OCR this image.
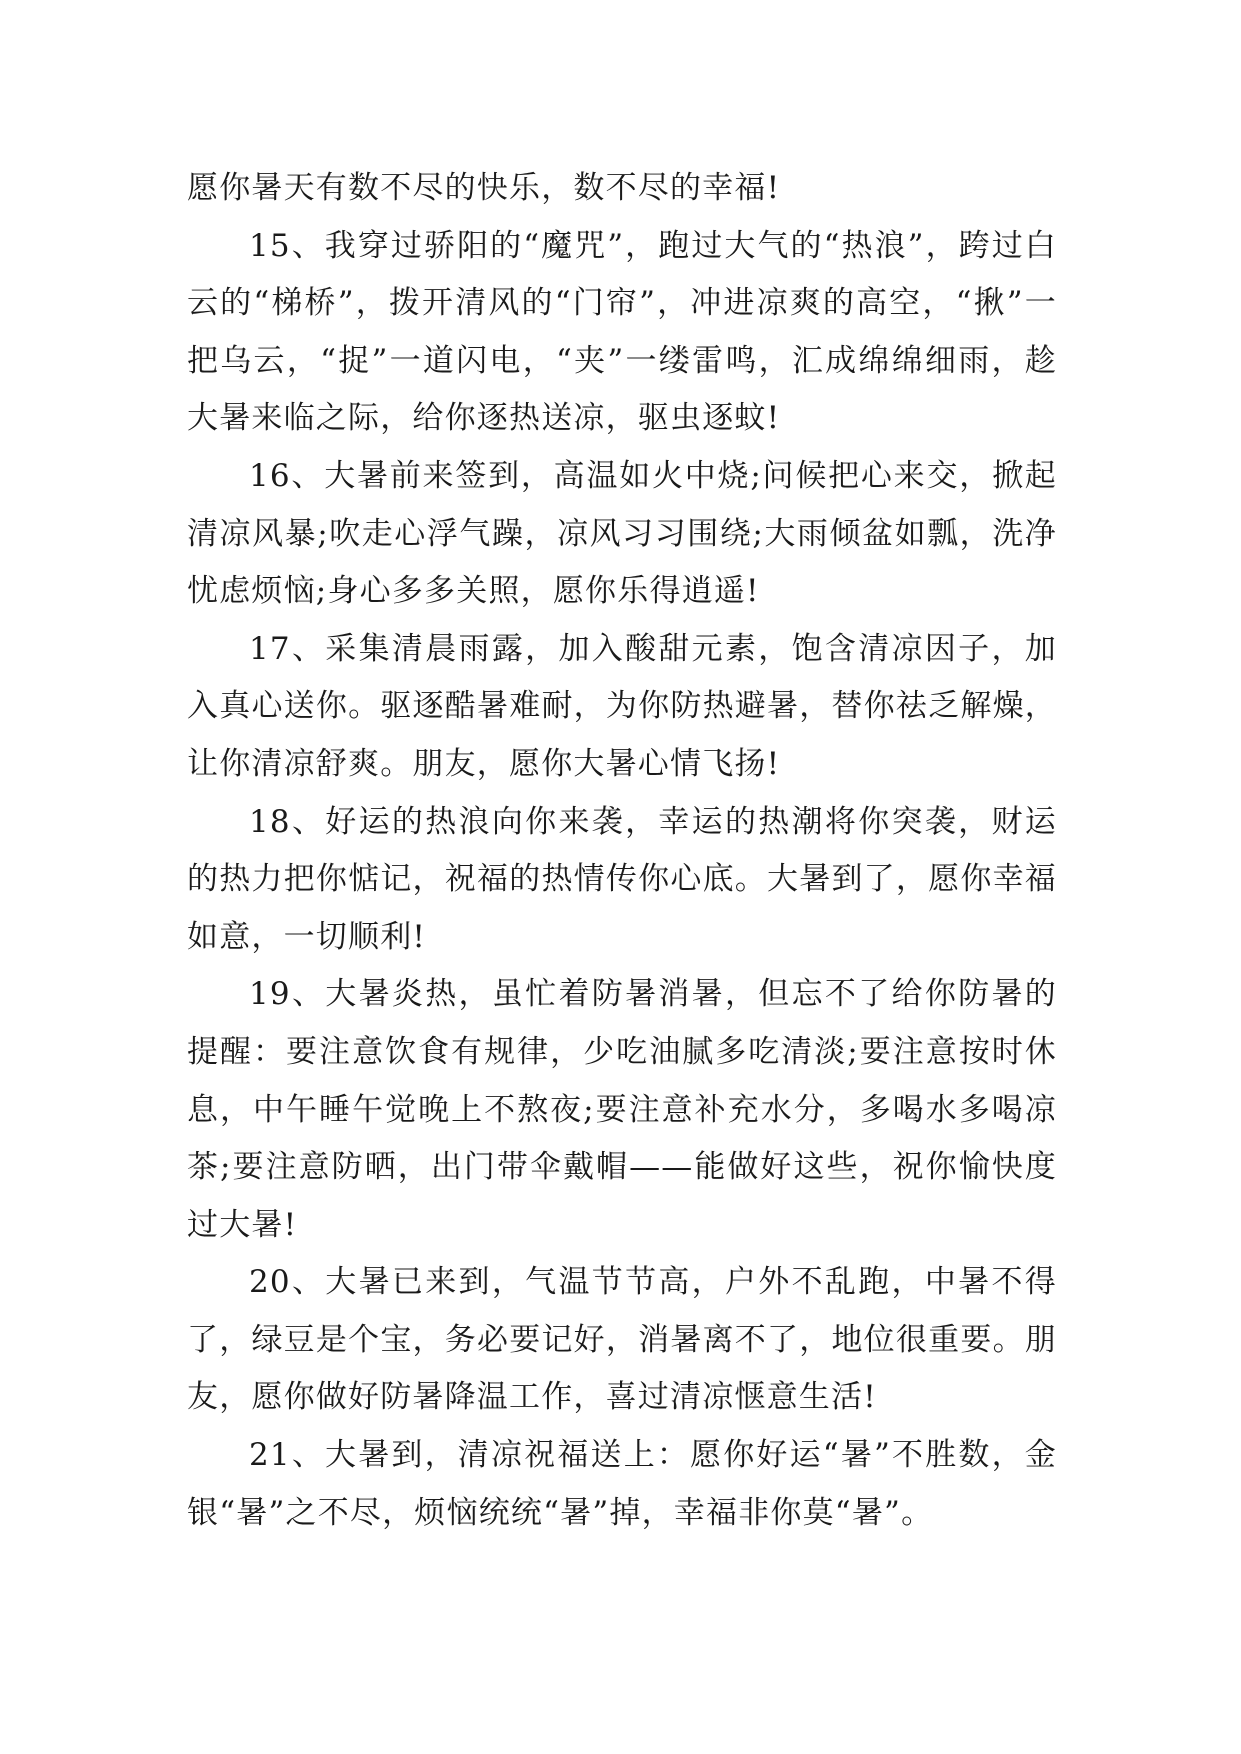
愿你暑天有数不尽的快乐，数不尽的幸福!

15、我穿过骄阳的“魔咒”，跑过大气的“热浪”，跨过白云的“梯桥”，拨开清风的“门帘”，冲进凉爽的高空，“揪”一把乌云，“捉”一道闪电，“夹”一缕雷鸣，汇成绵绵细雨，趁大暑来临之际，给你逐热送凉，驱虫逐蚊!

16、大暑前来签到，高温如火中烧;问候把心来交，掀起清凉风暴;吹走心浮气躁，凉风习习围绕;大雨倾盆如瓢，洗净忧虑烦恼;身心多多关照，愿你乐得逍遥!

17、采集清晨雨露，加入酸甜元素，饱含清凉因子，加入真心送你。驱逐酷暑难耐，为你防热避暑，替你祛乏解燥，让你清凉舒爽。朋友，愿你大暑心情飞扬!

18、好运的热浪向你来袭，幸运的热潮将你突袭，财运的热力把你惦记，祝福的热情传你心底。大暑到了，愿你幸福如意，一切顺利!

19、大暑炎热，虽忙着防暑消暑，但忘不了给你防暑的提醒：要注意饮食有规律，少吃油腻多吃清淡;要注意按时休息，中午睡午觉晚上不熬夜;要注意补充水分，多喝水多喝凉茶;要注意防晒，出门带伞戴帽——能做好这些，祝你愉快度过大暑!

20、大暑已来到，气温节节高，户外不乱跑，中暑不得了，绿豆是个宝，务必要记好，消暑离不了，地位很重要。朋友，愿你做好防暑降温工作，喜过清凉惬意生活!

21、大暑到，清凉祝福送上：愿你好运“暑”不胜数，金银“暑”之不尽，烦恼统统“暑”掉，幸福非你莫“暑”。
